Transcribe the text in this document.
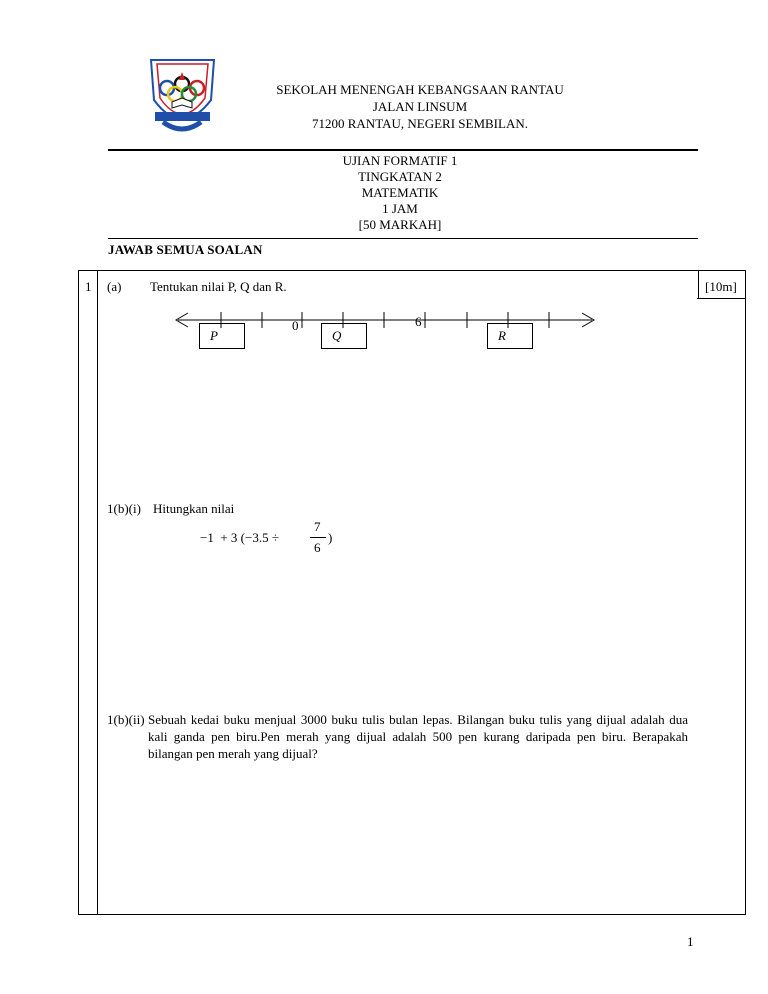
SEKOLAH MENENGAH KEBANGSAAN RANTAU
JALAN LINSUM
71200 RANTAU, NEGERI SEMBILAN.
UJIAN FORMATIF 1
TINGKATAN 2
MATEMATIK
1 JAM
[50 MARKAH]
JAWAB SEMUA SOALAN
1 (a) Tentukan nilai P, Q dan R.	[10m]
0	6
P	Q	R
1(b)(i) Hitungkan nilai
−1  + 3 (−3.5 ÷
7
6
)
1(b)(ii) Sebuah kedai buku menjual 3000 buku tulis bulan lepas. Bilangan buku tulis yang dijual adalah dua kali ganda pen biru.Pen merah yang dijual adalah 500 pen kurang daripada pen biru. Berapakah bilangan pen merah yang dijual?
1
